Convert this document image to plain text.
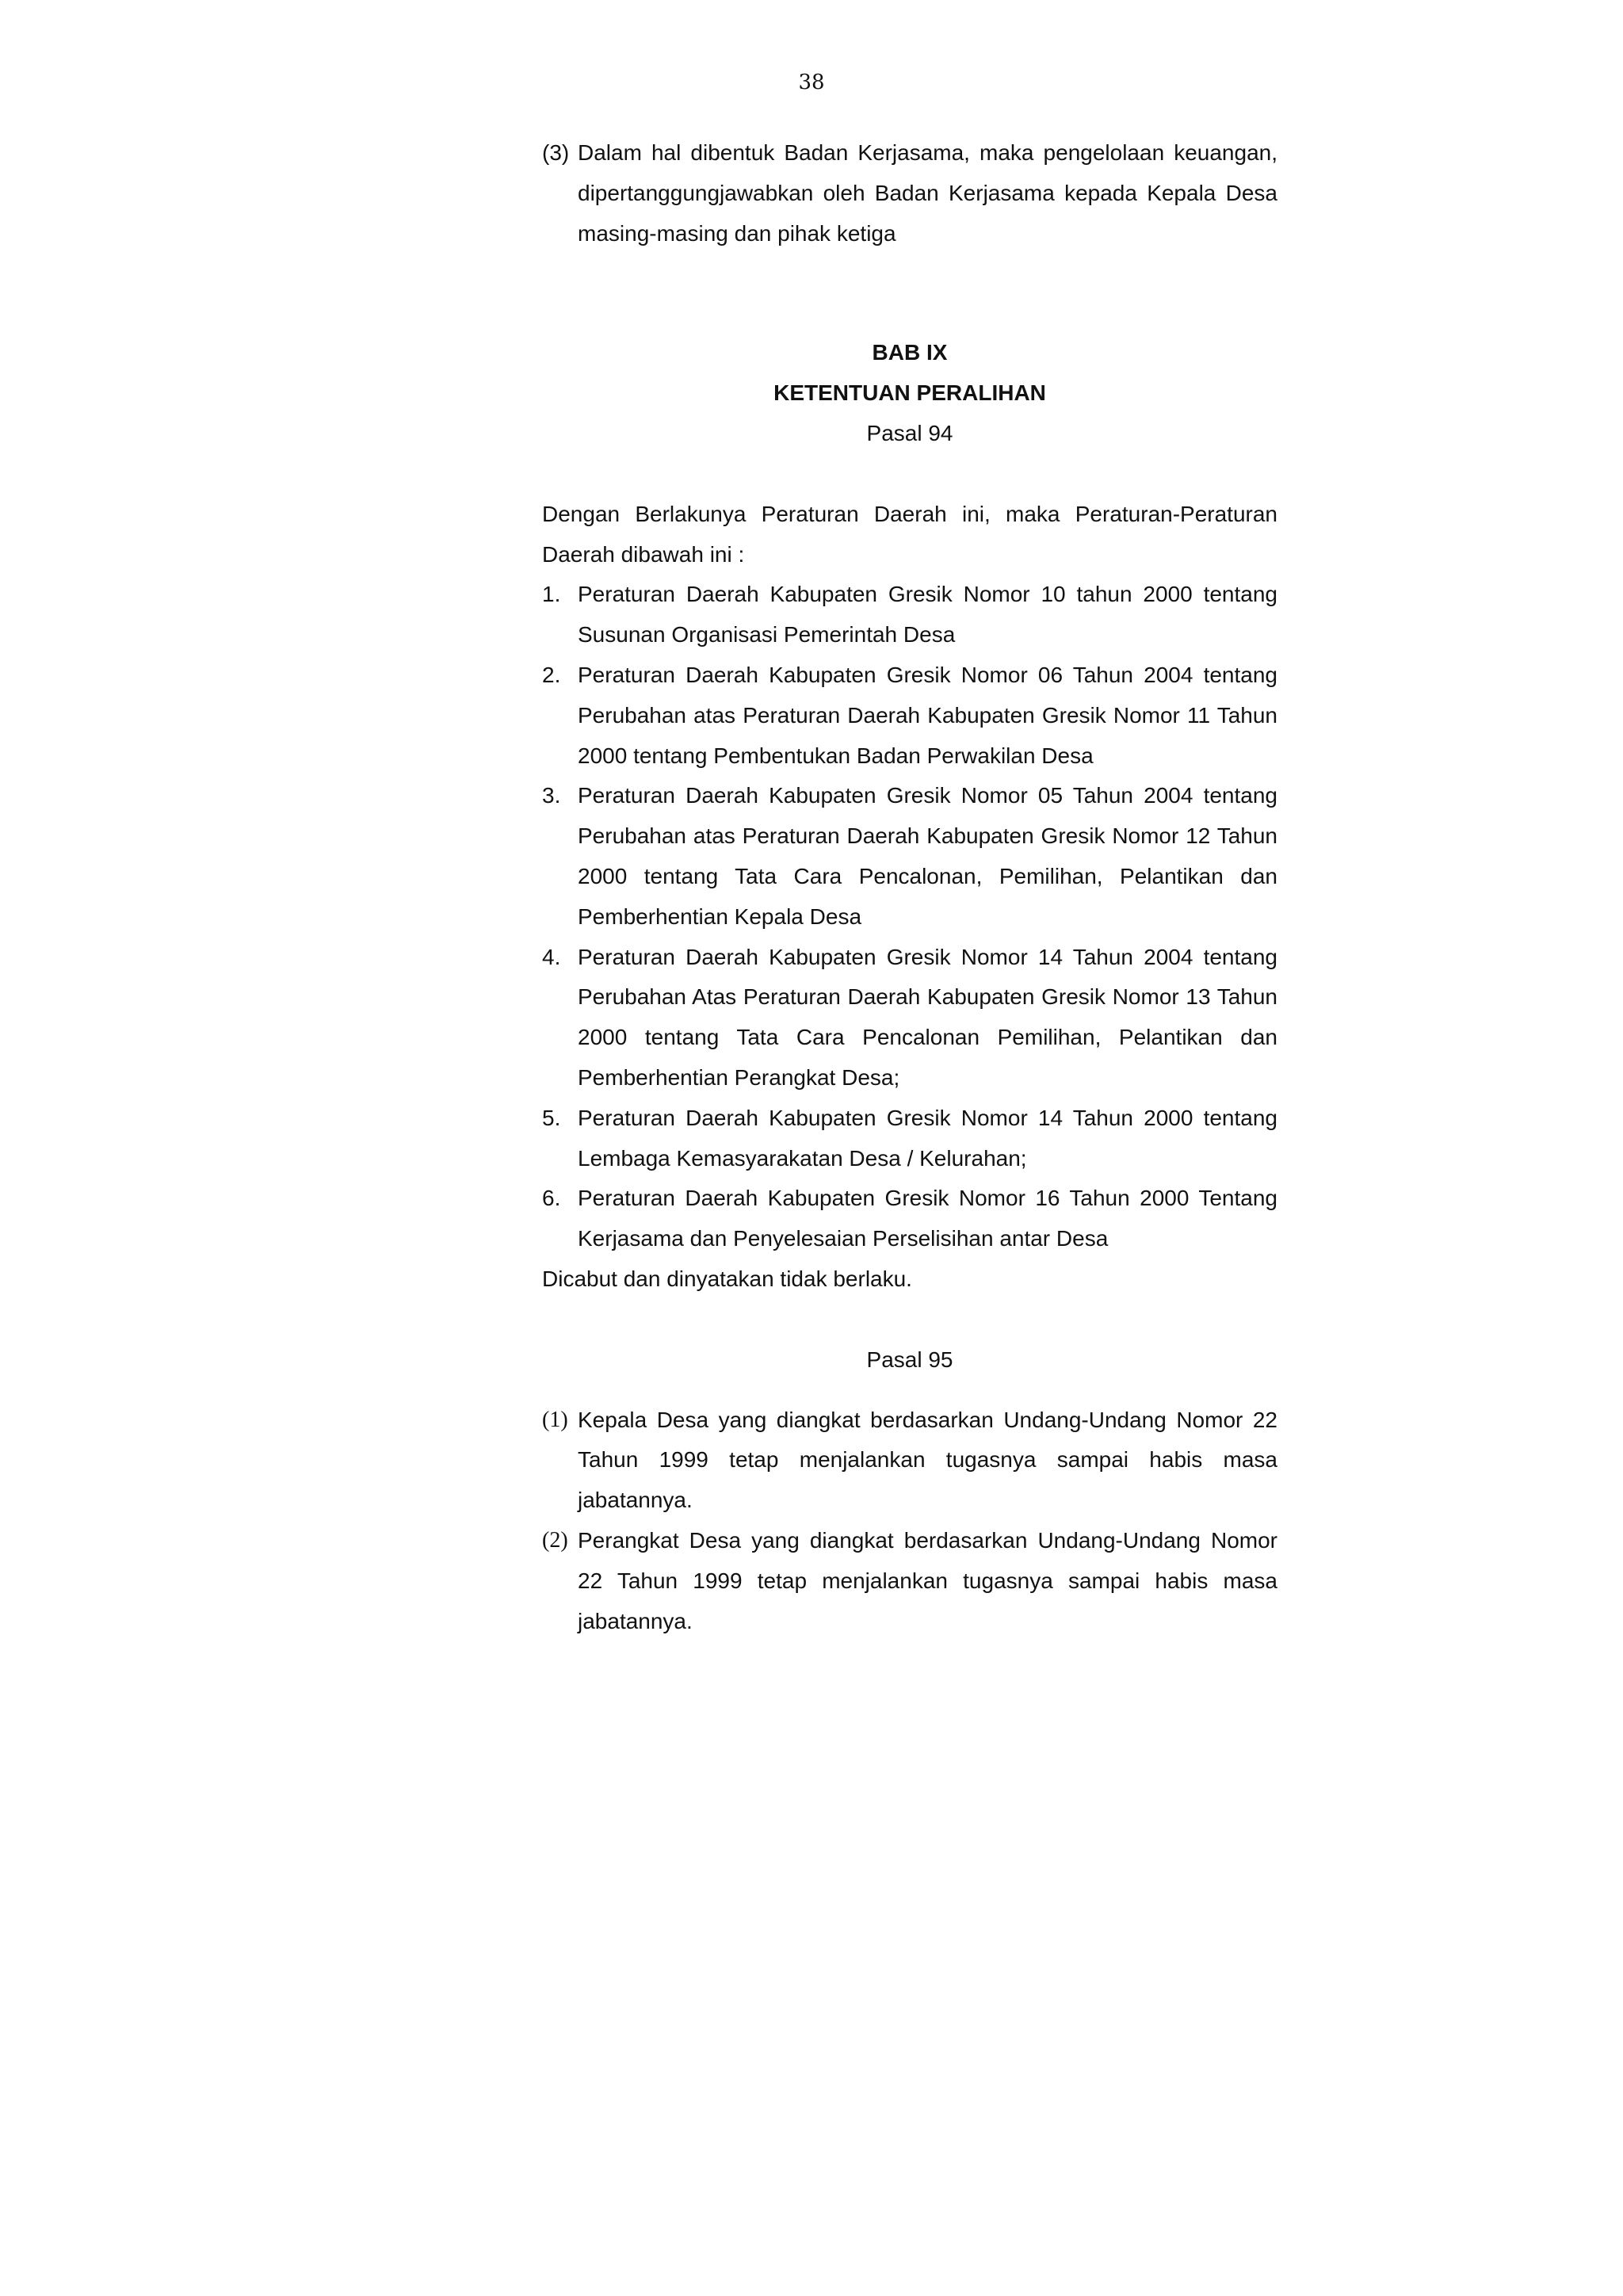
38
(3) Dalam hal dibentuk Badan Kerjasama, maka pengelolaan keuangan, dipertanggungjawabkan oleh Badan Kerjasama kepada Kepala Desa masing-masing dan pihak ketiga
BAB IX
KETENTUAN PERALIHAN
Pasal 94
Dengan Berlakunya Peraturan Daerah ini, maka Peraturan-Peraturan Daerah dibawah ini :
1. Peraturan Daerah Kabupaten Gresik Nomor 10 tahun 2000 tentang Susunan Organisasi Pemerintah Desa
2. Peraturan Daerah Kabupaten Gresik Nomor 06 Tahun 2004 tentang Perubahan atas Peraturan Daerah Kabupaten Gresik Nomor 11 Tahun 2000 tentang Pembentukan Badan Perwakilan Desa
3. Peraturan Daerah Kabupaten Gresik Nomor 05 Tahun 2004 tentang Perubahan atas Peraturan Daerah Kabupaten Gresik Nomor 12 Tahun 2000 tentang Tata Cara Pencalonan, Pemilihan, Pelantikan dan Pemberhentian Kepala Desa
4. Peraturan Daerah Kabupaten Gresik Nomor 14 Tahun 2004 tentang Perubahan Atas Peraturan Daerah Kabupaten Gresik Nomor 13 Tahun 2000 tentang Tata Cara Pencalonan Pemilihan, Pelantikan dan Pemberhentian Perangkat Desa;
5. Peraturan Daerah Kabupaten Gresik Nomor 14 Tahun 2000 tentang Lembaga Kemasyarakatan Desa / Kelurahan;
6. Peraturan Daerah Kabupaten Gresik Nomor 16 Tahun 2000 Tentang Kerjasama dan Penyelesaian Perselisihan antar Desa
Dicabut dan dinyatakan tidak berlaku.
Pasal 95
(1) Kepala Desa yang diangkat berdasarkan Undang-Undang Nomor 22 Tahun 1999 tetap menjalankan tugasnya sampai habis masa jabatannya.
(2) Perangkat Desa yang diangkat berdasarkan Undang-Undang Nomor 22 Tahun 1999 tetap menjalankan tugasnya sampai habis masa jabatannya.
